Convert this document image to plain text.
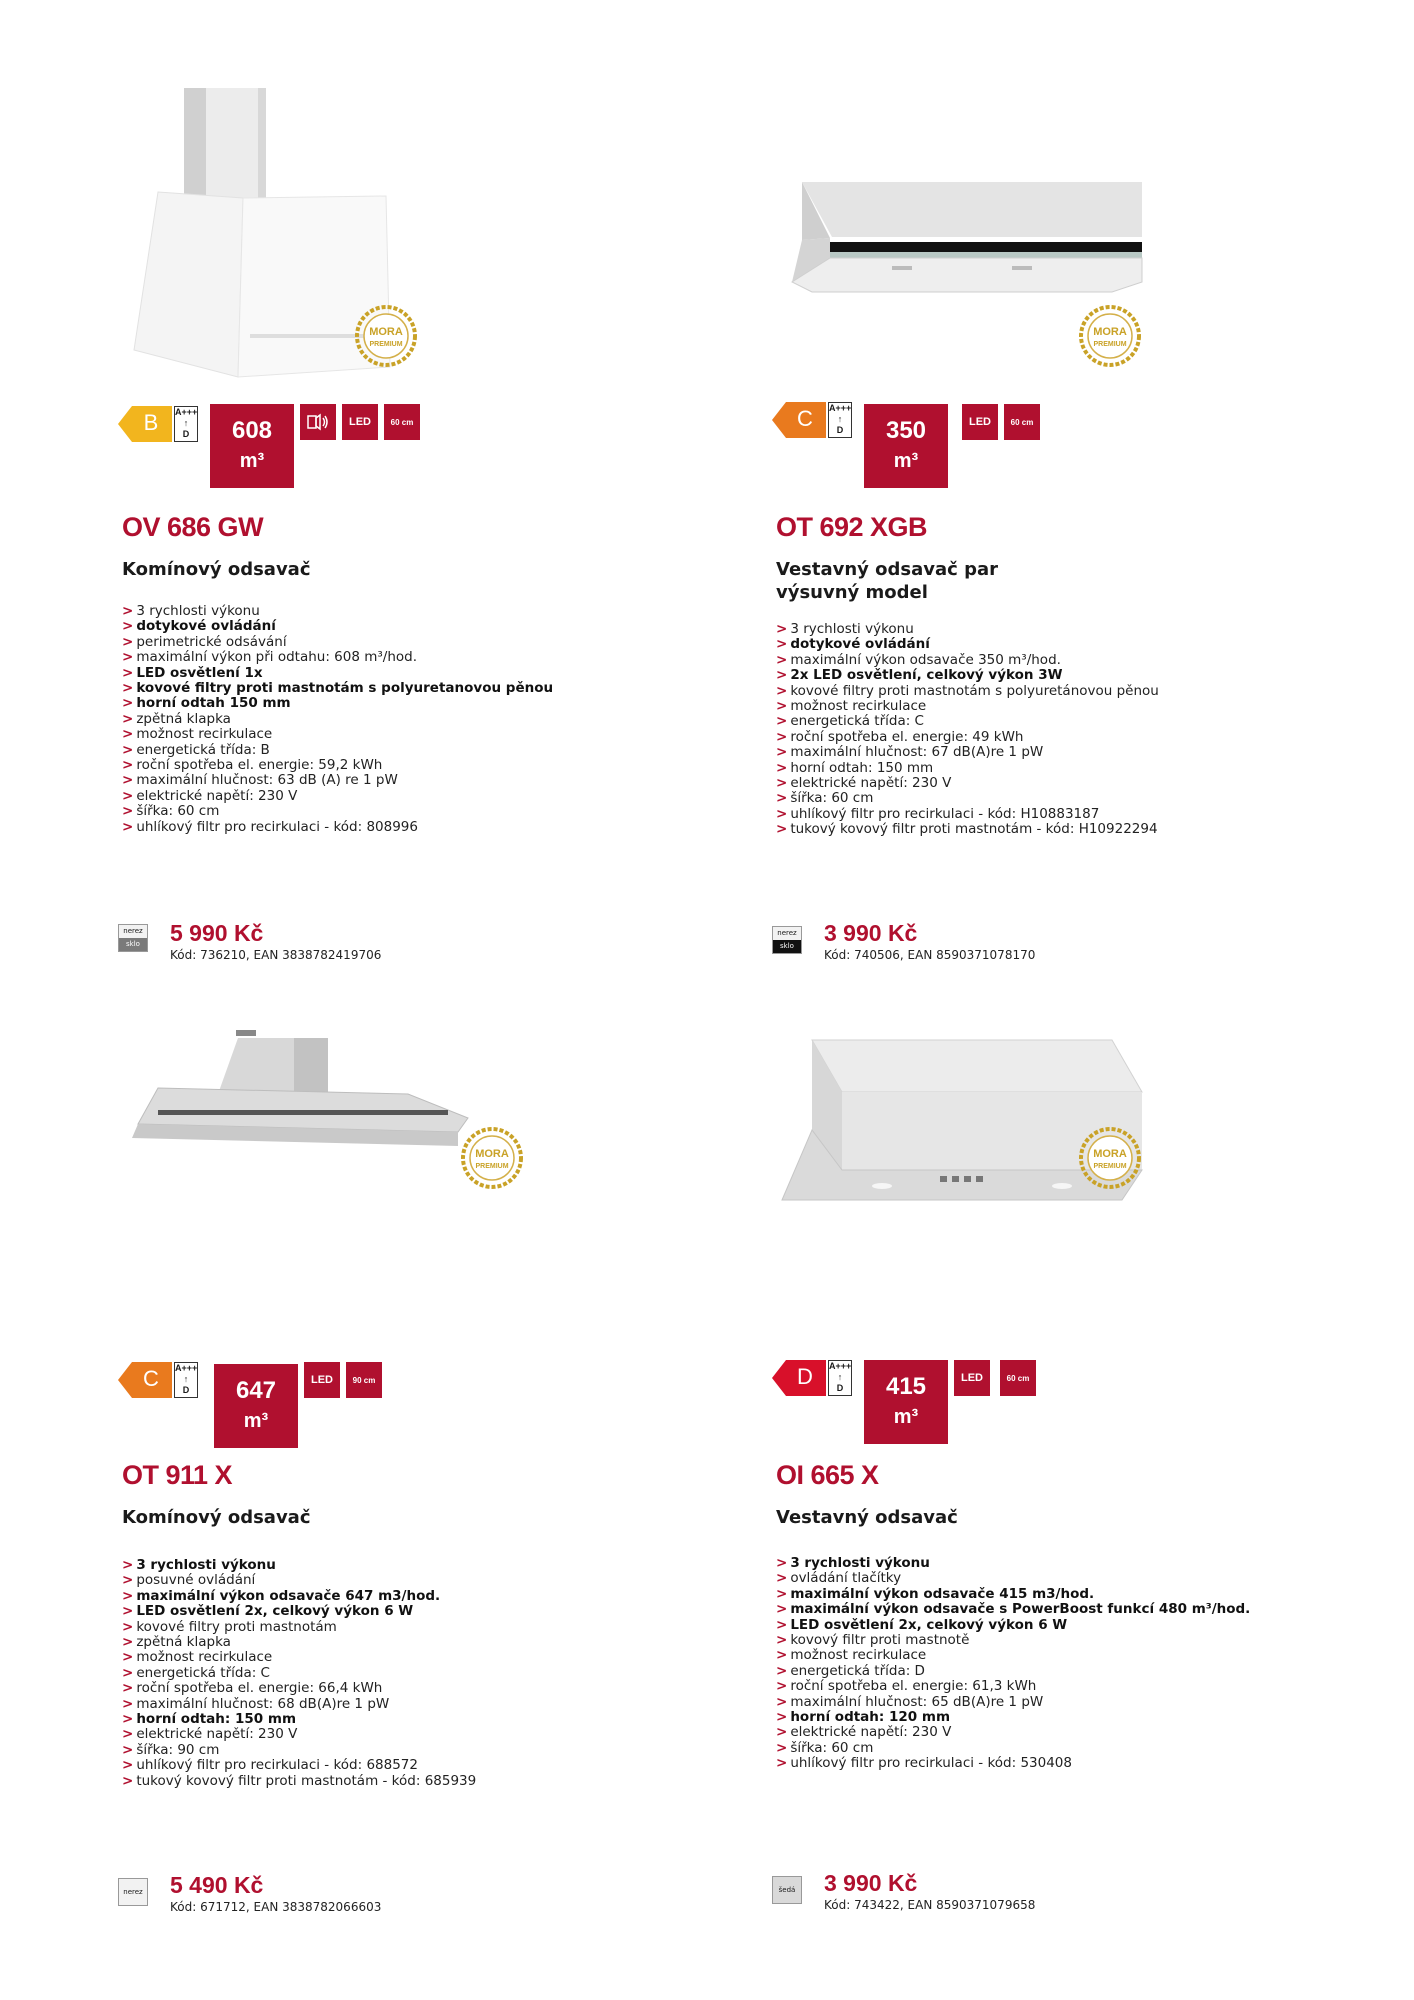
MORA
PREMIUM
B	A+++
↑
D	608
m³
LED	60 cm
OV 686 GW
Komínový odsavač
> 3 rychlosti výkonu
> dotykové ovládání
> perimetrické odsávání
> maximální výkon při odtahu: 608 m³/hod.
> LED osvětlení 1x
> kovové filtry proti mastnotám s polyuretanovou pěnou
> horní odtah 150 mm
> zpětná klapka
> možnost recirkulace
> energetická třída: B
> roční spotřeba el. energie: 59,2 kWh
> maximální hlučnost: 63 dB (A) re 1 pW
> elektrické napětí: 230 V
> šířka: 60 cm
> uhlíkový filtr pro recirkulaci - kód: 808996
nerez
sklo	5 990 Kč
Kód: 736210, EAN 3838782419706
MORA
PREMIUM
C	A+++
↑
D	350
m³
LED	60 cm
OT 692 XGB
Vestavný odsavač par výsuvný model
> 3 rychlosti výkonu
> dotykové ovládání
> maximální výkon odsavače 350 m³/hod.
> 2x LED osvětlení, celkový výkon 3W
> kovové filtry proti mastnotám s polyuretánovou pěnou
> možnost recirkulace
> energetická třída: C
> roční spotřeba el. energie: 49 kWh
> maximální hlučnost: 67 dB(A)re 1 pW
> horní odtah: 150 mm
> elektrické napětí: 230 V
> šířka: 60 cm
> uhlíkový filtr pro recirkulaci - kód: H10883187
> tukový kovový filtr proti mastnotám - kód: H10922294
nerez
sklo	3 990 Kč
Kód: 740506, EAN 8590371078170
MORA
PREMIUM
C	A+++
↑
D	647
m³
LED	90 cm
OT 911 X
Komínový odsavač
> 3 rychlosti výkonu
> posuvné ovládání
> maximální výkon odsavače 647 m3/hod.
> LED osvětlení 2x, celkový výkon 6 W
> kovové filtry proti mastnotám
> zpětná klapka
> možnost recirkulace
> energetická třída: C
> roční spotřeba el. energie: 66,4 kWh
> maximální hlučnost: 68 dB(A)re 1 pW
> horní odtah: 150 mm
> elektrické napětí: 230 V
> šířka: 90 cm
> uhlíkový filtr pro recirkulaci - kód: 688572
> tukový kovový filtr proti mastnotám - kód: 685939
nerez 5 490 Kč
Kód: 671712, EAN 3838782066603
MORA
PREMIUM
D	A+++
↑
D	415
m³
LED	60 cm
OI 665 X
Vestavný odsavač
> 3 rychlosti výkonu
> ovládání tlačítky
> maximální výkon odsavače 415 m3/hod.
> maximální výkon odsavače s PowerBoost funkcí 480 m³/hod.
> LED osvětlení 2x, celkový výkon 6 W
> kovový filtr proti mastnotě
> možnost recirkulace
> energetická třída: D
> roční spotřeba el. energie: 61,3 kWh
> maximální hlučnost: 65 dB(A)re 1 pW
> horní odtah: 120 mm
> elektrické napětí: 230 V
> šířka: 60 cm
> uhlíkový filtr pro recirkulaci - kód: 530408
šedá 3 990 Kč
Kód: 743422, EAN 8590371079658
